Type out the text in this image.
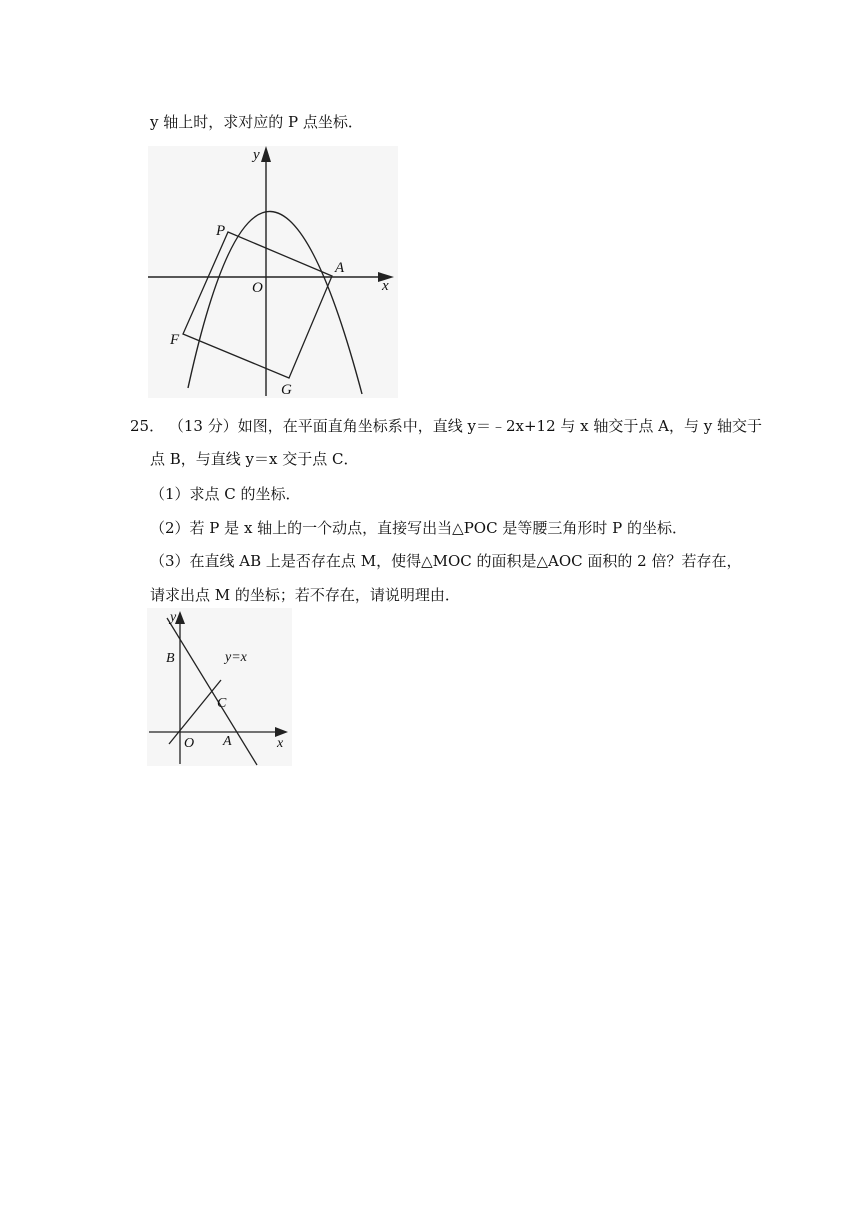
y 轴上时，求对应的 P 点坐标．
y
x
P
A
O
F
G
25． （13 分）如图，在平面直角坐标系中，直线 y＝﹣2x+12 与 x 轴交于点 A，与 y 轴交于
点 B，与直线 y＝x 交于点 C．
（1）求点 C 的坐标．
（2）若 P 是 x 轴上的一个动点，直接写出当△POC 是等腰三角形时 P 的坐标．
（3）在直线 AB 上是否存在点 M，使得△MOC 的面积是△AOC 面积的 2 倍？若存在，
请求出点 M 的坐标；若不存在，请说明理由．
y
B	y=x
C
O A	x
